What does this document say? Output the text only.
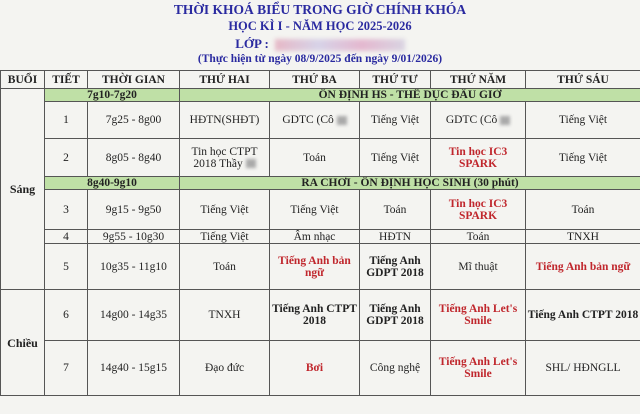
THỜI KHOÁ BIỂU TRONG GIỜ CHÍNH KHÓA
HỌC KÌ I - NĂM HỌC 2025-2026
LỚP :
(Thực hiện từ ngày 08/9/2025 đến ngày 9/01/2026)
BUỔI	TIẾT	THỜI GIAN	THỨ HAI	THỨ BA	THỨ TƯ	THỨ NĂM	THỨ SÁU
Sáng	7g10-7g20		ỔN ĐỊNH HS - THỂ DỤC ĐẦU GIỜ				
	1	7g25 - 8g00	HĐTN(SHĐT)	GDTC (Cô	Tiếng Việt	GDTC (Cô	Tiếng Việt
	2	8g05 - 8g40	Tin học CTPT 2018 Thầy	Toán	Tiếng Việt	Tin học IC3 SPARK	Tiếng Việt
	8g40-9g10		RA CHƠI - ỔN ĐỊNH HỌC SINH (30 phút)				
	3	9g15 - 9g50	Tiếng Việt	Tiếng Việt	Toán	Tin học IC3 SPARK	Toán
	4	9g55 - 10g30	Tiếng Việt	Âm nhạc	HĐTN	Toán	TNXH
	5	10g35 - 11g10	Toán	Tiếng Anh bản ngữ	Tiếng Anh GDPT 2018	Mĩ thuật	Tiếng Anh bản ngữ
Chiều	6	14g00 - 14g35	TNXH	Tiếng Anh CTPT 2018	Tiếng Anh GDPT 2018	Tiếng Anh Let's Smile	Tiếng Anh CTPT 2018
	7	14g40 - 15g15	Đạo đức	Bơi	Công nghệ	Tiếng Anh Let's Smile	SHL/ HĐNGLL
